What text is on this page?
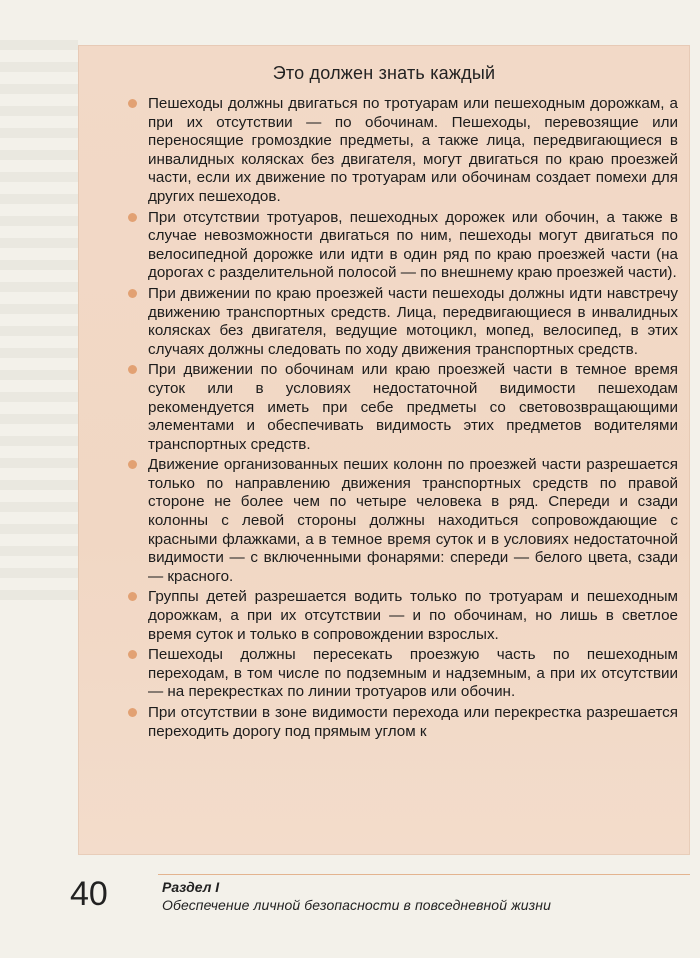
Это должен знать каждый
Пешеходы должны двигаться по тротуарам или пешеходным дорожкам, а при их отсутствии — по обочинам. Пешеходы, перевозящие или переносящие громоздкие предметы, а также лица, передвигающиеся в инвалидных колясках без двигателя, могут двигаться по краю проезжей части, если их движение по тротуарам или обочинам создает помехи для других пешеходов.
При отсутствии тротуаров, пешеходных дорожек или обочин, а также в случае невозможности двигаться по ним, пешеходы могут двигаться по велосипедной дорожке или идти в один ряд по краю проезжей части (на дорогах с разделительной полосой — по внешнему краю проезжей части).
При движении по краю проезжей части пешеходы должны идти навстречу движению транспортных средств. Лица, передвигающиеся в инвалидных колясках без двигателя, ведущие мотоцикл, мопед, велосипед, в этих случаях должны следовать по ходу движения транспортных средств.
При движении по обочинам или краю проезжей части в темное время суток или в условиях недостаточной видимости пешеходам рекомендуется иметь при себе предметы со световозвращающими элементами и обеспечивать видимость этих предметов водителями транспортных средств.
Движение организованных пеших колонн по проезжей части разрешается только по направлению движения транспортных средств по правой стороне не более чем по четыре человека в ряд. Спереди и сзади колонны с левой стороны должны находиться сопровождающие с красными флажками, а в темное время суток и в условиях недостаточной видимости — с включенными фонарями: спереди — белого цвета, сзади — красного.
Группы детей разрешается водить только по тротуарам и пешеходным дорожкам, а при их отсутствии — и по обочинам, но лишь в светлое время суток и только в сопровождении взрослых.
Пешеходы должны пересекать проезжую часть по пешеходным переходам, в том числе по подземным и надземным, а при их отсутствии — на перекрестках по линии тротуаров или обочин.
При отсутствии в зоне видимости перехода или перекрестка разрешается переходить дорогу под прямым углом к
40	Раздел I
Обеспечение личной безопасности в повседневной жизни
